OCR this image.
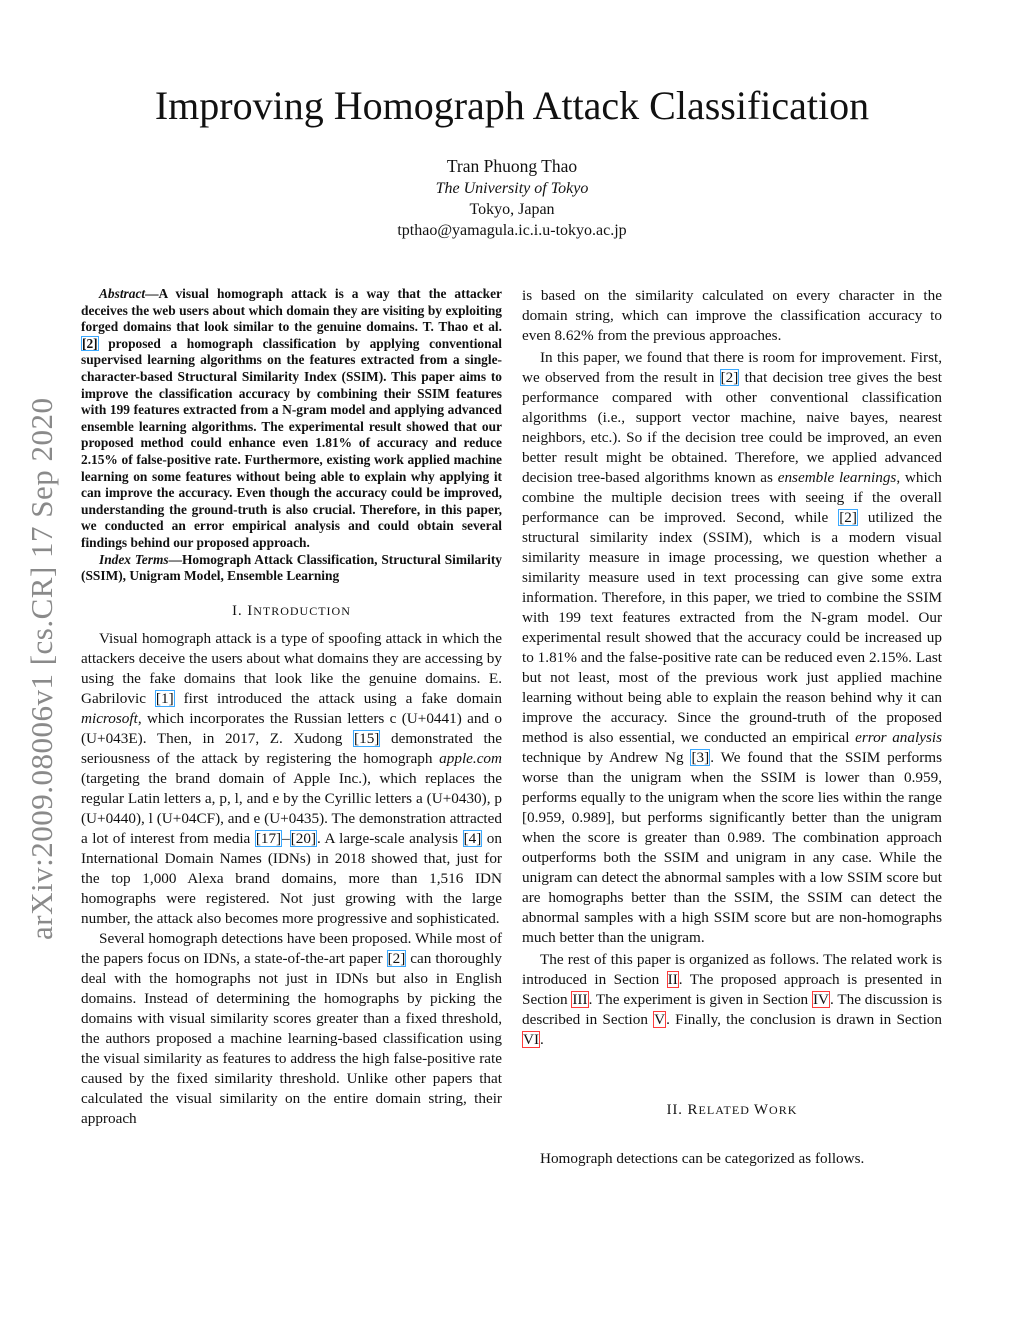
arXiv:2009.08006v1 [cs.CR] 17 Sep 2020
Improving Homograph Attack Classification
Tran Phuong Thao
The University of Tokyo
Tokyo, Japan
tpthao@yamagula.ic.i.u-tokyo.ac.jp

Abstract—A visual homograph attack is a way that the attacker deceives the web users about which domain they are visiting by exploiting forged domains that look similar to the genuine domains. T. Thao et al. [2] proposed a homograph classification by applying conventional supervised learning algorithms on the features extracted from a single-character-based Structural Similarity Index (SSIM). This paper aims to improve the classification accuracy by combining their SSIM features with 199 features extracted from a N-gram model and applying advanced ensemble learning algorithms. The experimental result showed that our proposed method could enhance even 1.81% of accuracy and reduce 2.15% of false-positive rate. Furthermore, existing work applied machine learning on some features without being able to explain why applying it can improve the accuracy. Even though the accuracy could be improved, understanding the ground-truth is also crucial. Therefore, in this paper, we conducted an error empirical analysis and could obtain several findings behind our proposed approach.

Index Terms—Homograph Attack Classification, Structural Similarity (SSIM), Unigram Model, Ensemble Learning

I. INTRODUCTION

Visual homograph attack is a type of spoofing attack in which the attackers deceive the users about what domains they are accessing by using the fake domains that look like the genuine domains. E. Gabrilovic [1] first introduced the attack using a fake domain microsoft, which incorporates the Russian letters c (U+0441) and o (U+043E). Then, in 2017, Z. Xudong [15] demonstrated the seriousness of the attack by registering the homograph apple.com (targeting the brand domain of Apple Inc.), which replaces the regular Latin letters a, p, l, and e by the Cyrillic letters a (U+0430), p (U+0440), l (U+04CF), and e (U+0435). The demonstration attracted a lot of interest from media [17]–[20]. A large-scale analysis [4] on International Domain Names (IDNs) in 2018 showed that, just for the top 1,000 Alexa brand domains, more than 1,516 IDN homographs were registered. Not just growing with the large number, the attack also becomes more progressive and sophisticated.

Several homograph detections have been proposed. While most of the papers focus on IDNs, a state-of-the-art paper [2] can thoroughly deal with the homographs not just in IDNs but also in English domains. Instead of determining the homographs by picking the domains with visual similarity scores greater than a fixed threshold, the authors proposed a machine learning-based classification using the visual similarity as features to address the high false-positive rate caused by the fixed similarity threshold. Unlike other papers that calculated the visual similarity on the entire domain string, their approach

is based on the similarity calculated on every character in the domain string, which can improve the classification accuracy to even 8.62% from the previous approaches.

In this paper, we found that there is room for improvement. First, we observed from the result in [2] that decision tree gives the best performance compared with other conventional classification algorithms (i.e., support vector machine, naive bayes, nearest neighbors, etc.). So if the decision tree could be improved, an even better result might be obtained. Therefore, we applied advanced decision tree-based algorithms known as ensemble learnings, which combine the multiple decision trees with seeing if the overall performance can be improved. Second, while [2] utilized the structural similarity index (SSIM), which is a modern visual similarity measure in image processing, we question whether a similarity measure used in text processing can give some extra information. Therefore, in this paper, we tried to combine the SSIM with 199 text features extracted from the N-gram model. Our experimental result showed that the accuracy could be increased up to 1.81% and the false-positive rate can be reduced even 2.15%. Last but not least, most of the previous work just applied machine learning without being able to explain the reason behind why it can improve the accuracy. Since the ground-truth of the proposed method is also essential, we conducted an empirical error analysis technique by Andrew Ng [3]. We found that the SSIM performs worse than the unigram when the SSIM is lower than 0.959, performs equally to the unigram when the score lies within the range [0.959, 0.989], but performs significantly better than the unigram when the score is greater than 0.989. The combination approach outperforms both the SSIM and unigram in any case. While the unigram can detect the abnormal samples with a low SSIM score but are homographs better than the SSIM, the SSIM can detect the abnormal samples with a high SSIM score but are non-homographs much better than the unigram.

The rest of this paper is organized as follows. The related work is introduced in Section II. The proposed approach is presented in Section III. The experiment is given in Section IV. The discussion is described in Section V. Finally, the conclusion is drawn in Section VI.

II. RELATED WORK

Homograph detections can be categorized as follows.
